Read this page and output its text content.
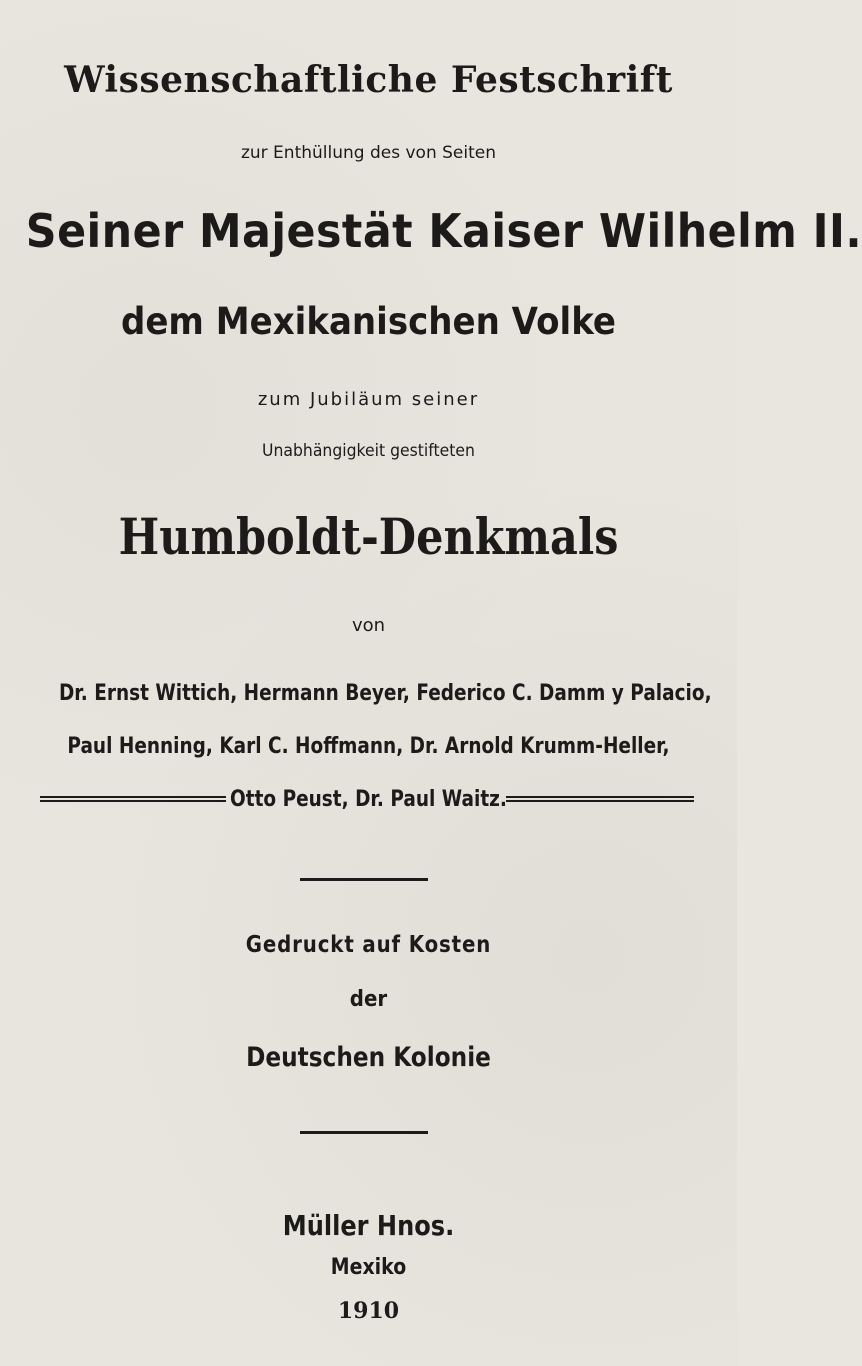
Wissenschaftliche Festschrift
zur Enthüllung des von Seiten
Seiner Majestät Kaiser Wilhelm II.
dem Mexikanischen Volke
zum Jubiläum seiner
Unabhängigkeit gestifteten
Humboldt-Denkmals
von
Dr. Ernst Wittich, Hermann Beyer, Federico C. Damm y Palacio,
Paul Henning, Karl C. Hoffmann, Dr. Arnold Krumm-Heller,
Otto Peust, Dr. Paul Waitz.
Gedruckt auf Kosten
der
Deutschen Kolonie
Müller Hnos.
Mexiko
1910
